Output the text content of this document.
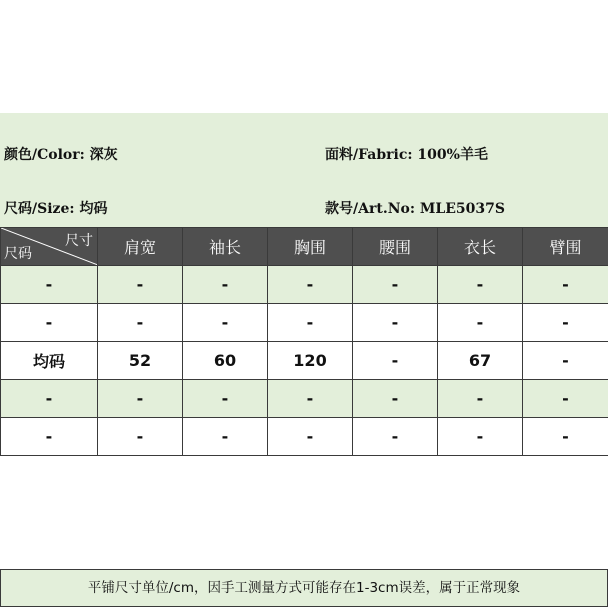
颜色/Color: 深灰	面料/Fabric: 100%羊毛
尺码/Size: 均码	款号/Art.No: MLE5037S
尺寸
尺码	肩宽	袖长	胸围	腰围	衣长	臂围
-	-	-	-	-	-	-
-	-	-	-	-	-	-
均码	52	60	120	-	67	-
-	-	-	-	-	-	-
-	-	-	-	-	-	-
平铺尺寸单位/cm，因手工测量方式可能存在1-3cm误差，属于正常现象
